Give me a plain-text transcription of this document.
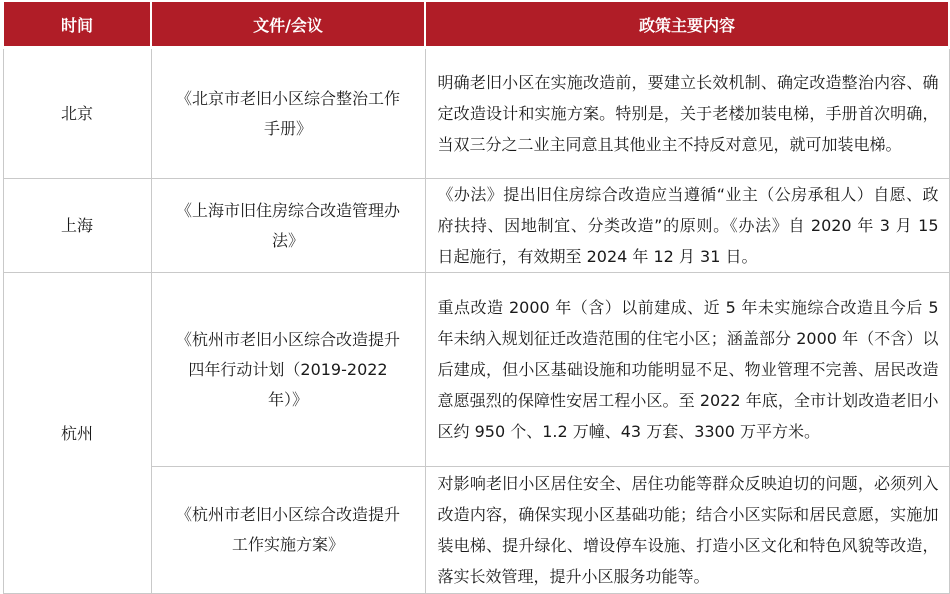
时间	文件/会议	政策主要内容
北京	《北京市老旧小区综合整治工作手册》	明确老旧小区在实施改造前，要建立长效机制、确定改造整治内容、确定改造设计和实施方案。特别是，关于老楼加装电梯，手册首次明确，当双三分之二业主同意且其他业主不持反对意见，就可加装电梯。
上海	《上海市旧住房综合改造管理办法》	《办法》提出旧住房综合改造应当遵循“业主（公房承租人）自愿、政府扶持、因地制宜、分类改造”的原则。《办法》自 2020 年 3 月 15 日起施行，有效期至 2024 年 12 月 31 日。
杭州	《杭州市老旧小区综合改造提升四年行动计划（2019-2022 年）》	重点改造 2000 年（含）以前建成、近 5 年未实施综合改造且今后 5 年未纳入规划征迁改造范围的住宅小区；涵盖部分 2000 年（不含）以后建成，但小区基础设施和功能明显不足、物业管理不完善、居民改造意愿强烈的保障性安居工程小区。至 2022 年底，全市计划改造老旧小区约 950 个、1.2 万幢、43 万套、3300 万平方米。
	《杭州市老旧小区综合改造提升工作实施方案》	对影响老旧小区居住安全、居住功能等群众反映迫切的问题，必须列入改造内容，确保实现小区基础功能；结合小区实际和居民意愿，实施加装电梯、提升绿化、增设停车设施、打造小区文化和特色风貌等改造，落实长效管理，提升小区服务功能等。
